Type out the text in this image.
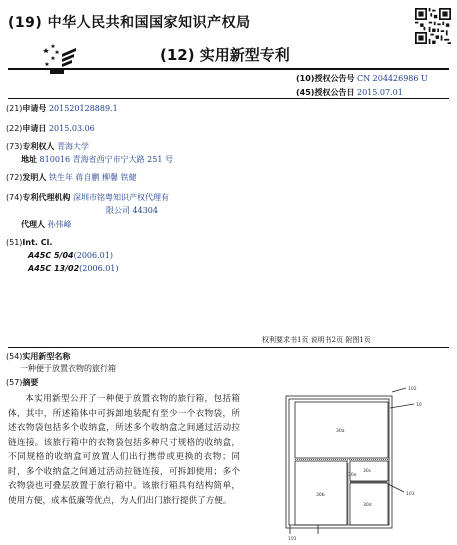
(19) 中华人民共和国国家知识产权局
(12) 实用新型专利
(10)授权公告号 CN 204426986 U
(45)授权公告日 2015.07.01
(21)申请号 201520128889.1
(22)申请日 2015.03.06
(73)专利权人 青海大学
地址 810016 青海省西宁市宁大路 251 号
(72)发明人 铁生年 蒋自鹏 柳馨 铁健
(74)专利代理机构 深圳市铭粤知识产权代理有
限公司 44304
代理人 孙伟峰
(51)Int. Cl.
A45C 5/04(2006.01)
A45C 13/02(2006.01)
权利要求书1页 说明书2页 附图1页
(54)实用新型名称
一种便于放置衣物的旅行箱
(57)摘要
本实用新型公开了一种便于放置衣物的旅行箱，包括箱体，其中，所述箱体中可拆卸地装配有至少一个衣物袋，所述衣物袋包括多个收纳盒，所述多个收纳盒之间通过活动拉链连接。该旅行箱中的衣物袋包括多种尺寸规格的收纳盒，不同规格的收纳盒可放置人们出行携带或更换的衣物；同时，多个收纳盒之间通过活动拉链连接，可拆卸使用；多个衣物袋也可叠层放置于旅行箱中。该旅行箱具有结构简单，使用方便，成本低廉等优点，为人们出门旅行提供了方便。
102
10
30a
30b
30c
30d
30e
103
101
